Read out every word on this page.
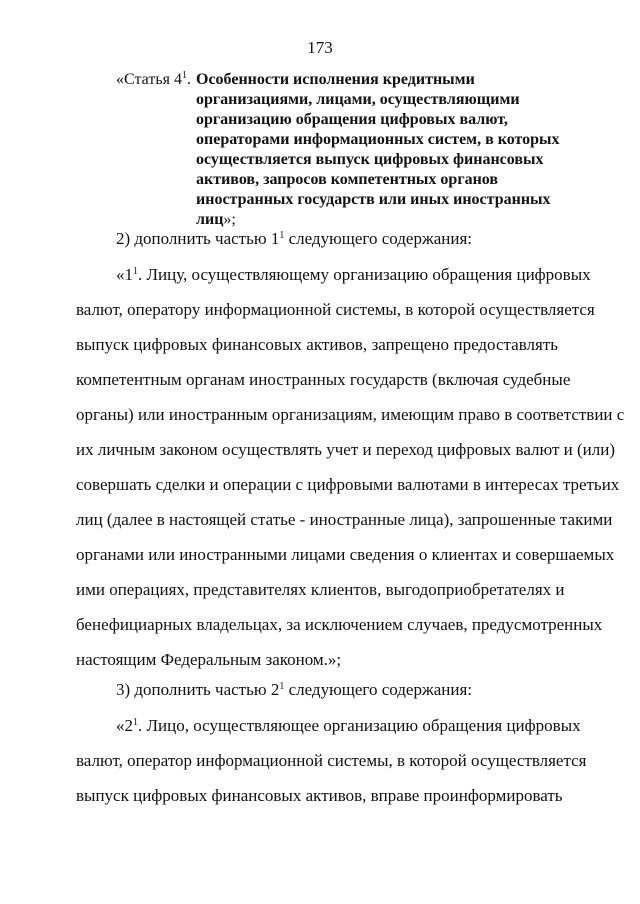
173
«Статья $4^1$. Особенности исполнения кредитными
организациями, лицами, осуществляющими
организацию обращения цифровых валют,
операторами информационных систем, в которых
осуществляется выпуск цифровых финансовых
активов, запросов компетентных органов
иностранных государств или иных иностранных
лиц»;
2) дополнить частью $1^1$ следующего содержания:
«$1^1$. Лицу, осуществляющему организацию обращения цифровых
валют, оператору информационной системы, в которой осуществляется
выпуск цифровых финансовых активов, запрещено предоставлять
компетентным органам иностранных государств (включая судебные
органы) или иностранным организациям, имеющим право в соответствии с
их личным законом осуществлять учет и переход цифровых валют и (или)
совершать сделки и операции с цифровыми валютами в интересах третьих
лиц (далее в настоящей статье - иностранные лица), запрошенные такими
органами или иностранными лицами сведения о клиентах и совершаемых
ими операциях, представителях клиентов, выгодоприобретателях и
бенефициарных владельцах, за исключением случаев, предусмотренных
настоящим Федеральным законом.»;
3) дополнить частью $2^1$ следующего содержания:
«$2^1$. Лицо, осуществляющее организацию обращения цифровых
валют, оператор информационной системы, в которой осуществляется
выпуск цифровых финансовых активов, вправе проинформировать
